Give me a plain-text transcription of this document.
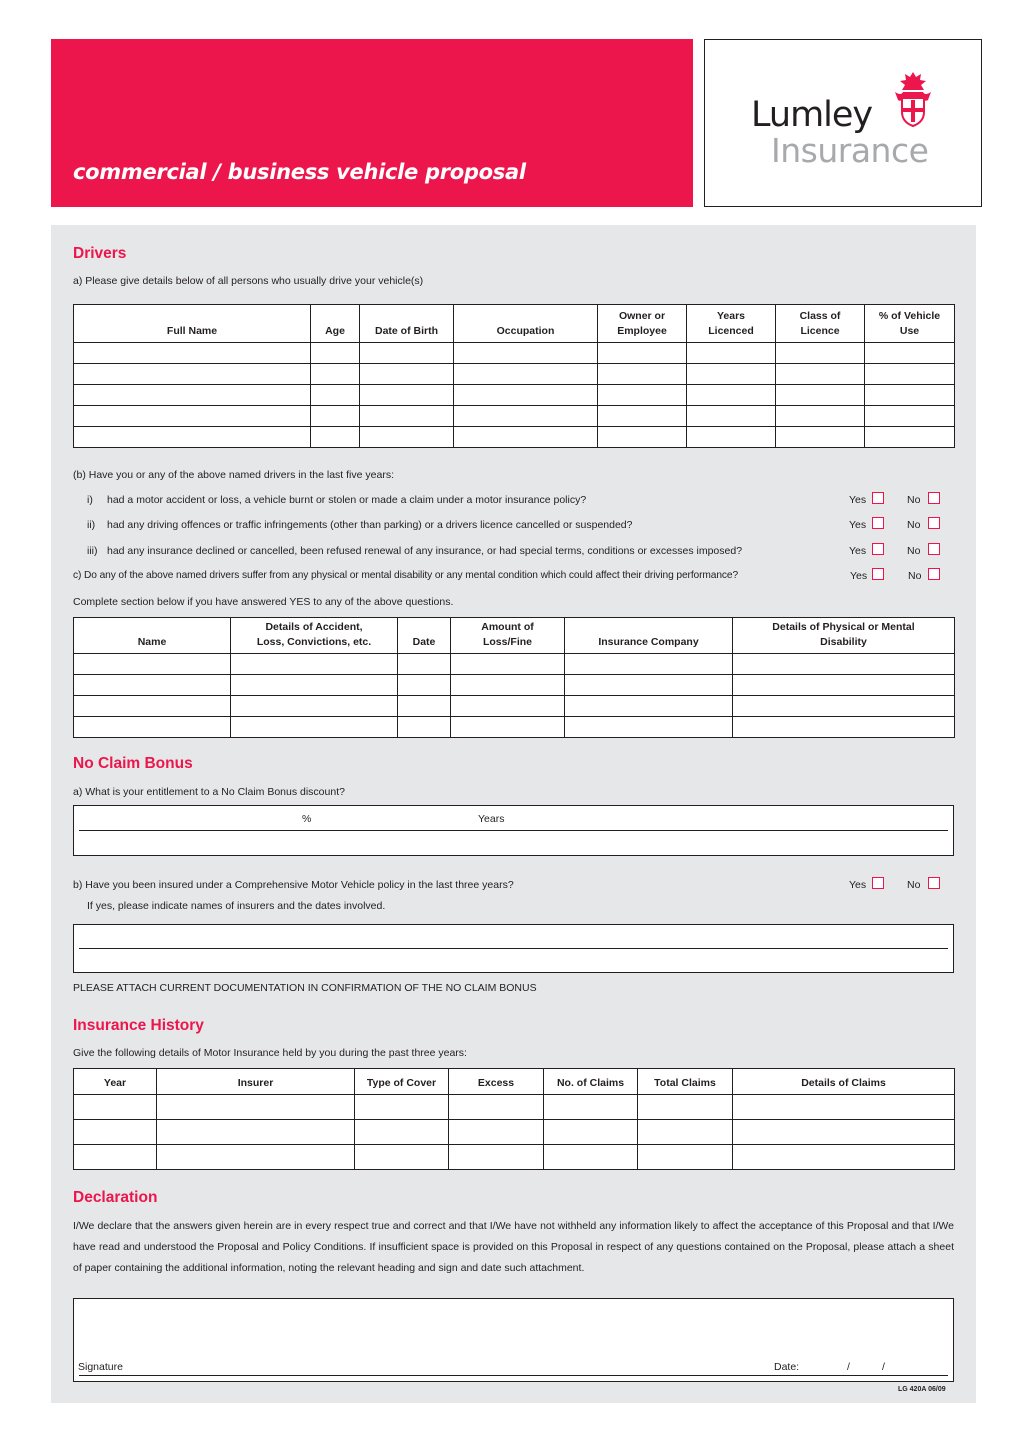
commercial / business vehicle proposal
Lumley
Insurance
Drivers
a) Please give details below of all persons who usually drive your vehicle(s)
Full Name	Age	Date of Birth	Occupation	Owner or Employee	Years Licenced	Class of Licence	% of Vehicle Use

(b) Have you or any of the above named drivers in the last five years:
i) had a motor accident or loss, a vehicle burnt or stolen or made a claim under a motor insurance policy?	Yes	No
ii) had any driving offences or traffic infringements (other than parking) or a drivers licence cancelled or suspended?	Yes	No
iii) had any insurance declined or cancelled, been refused renewal of any insurance, or had special terms, conditions or excesses imposed?	Yes	No
c) Do any of the above named drivers suffer from any physical or mental disability or any mental condition which could affect their driving performance?	Yes	No
Complete section below if you have answered YES to any of the above questions.
Name	Details of Accident, Loss, Convictions, etc.	Date	Amount of Loss/Fine	Insurance Company	Details of Physical or Mental Disability

No Claim Bonus
a) What is your entitlement to a No Claim Bonus discount?
%	Years
b) Have you been insured under a Comprehensive Motor Vehicle policy in the last three years?	Yes	No
If yes, please indicate names of insurers and the dates involved.
PLEASE ATTACH CURRENT DOCUMENTATION IN CONFIRMATION OF THE NO CLAIM BONUS
Insurance History
Give the following details of Motor Insurance held by you during the past three years:
Year	Insurer	Type of Cover	Excess	No. of Claims	Total Claims	Details of Claims

Declaration
I/We declare that the answers given herein are in every respect true and correct and that I/We have not withheld any information likely to affect the acceptance of this Proposal and that I/We have read and understood the Proposal and Policy Conditions. If insufficient space is provided on this Proposal in respect of any questions contained on the Proposal, please attach a sheet of paper containing the additional information, noting the relevant heading and sign and date such attachment.
Signature	Date:	/	/
LG 420A 06/09
